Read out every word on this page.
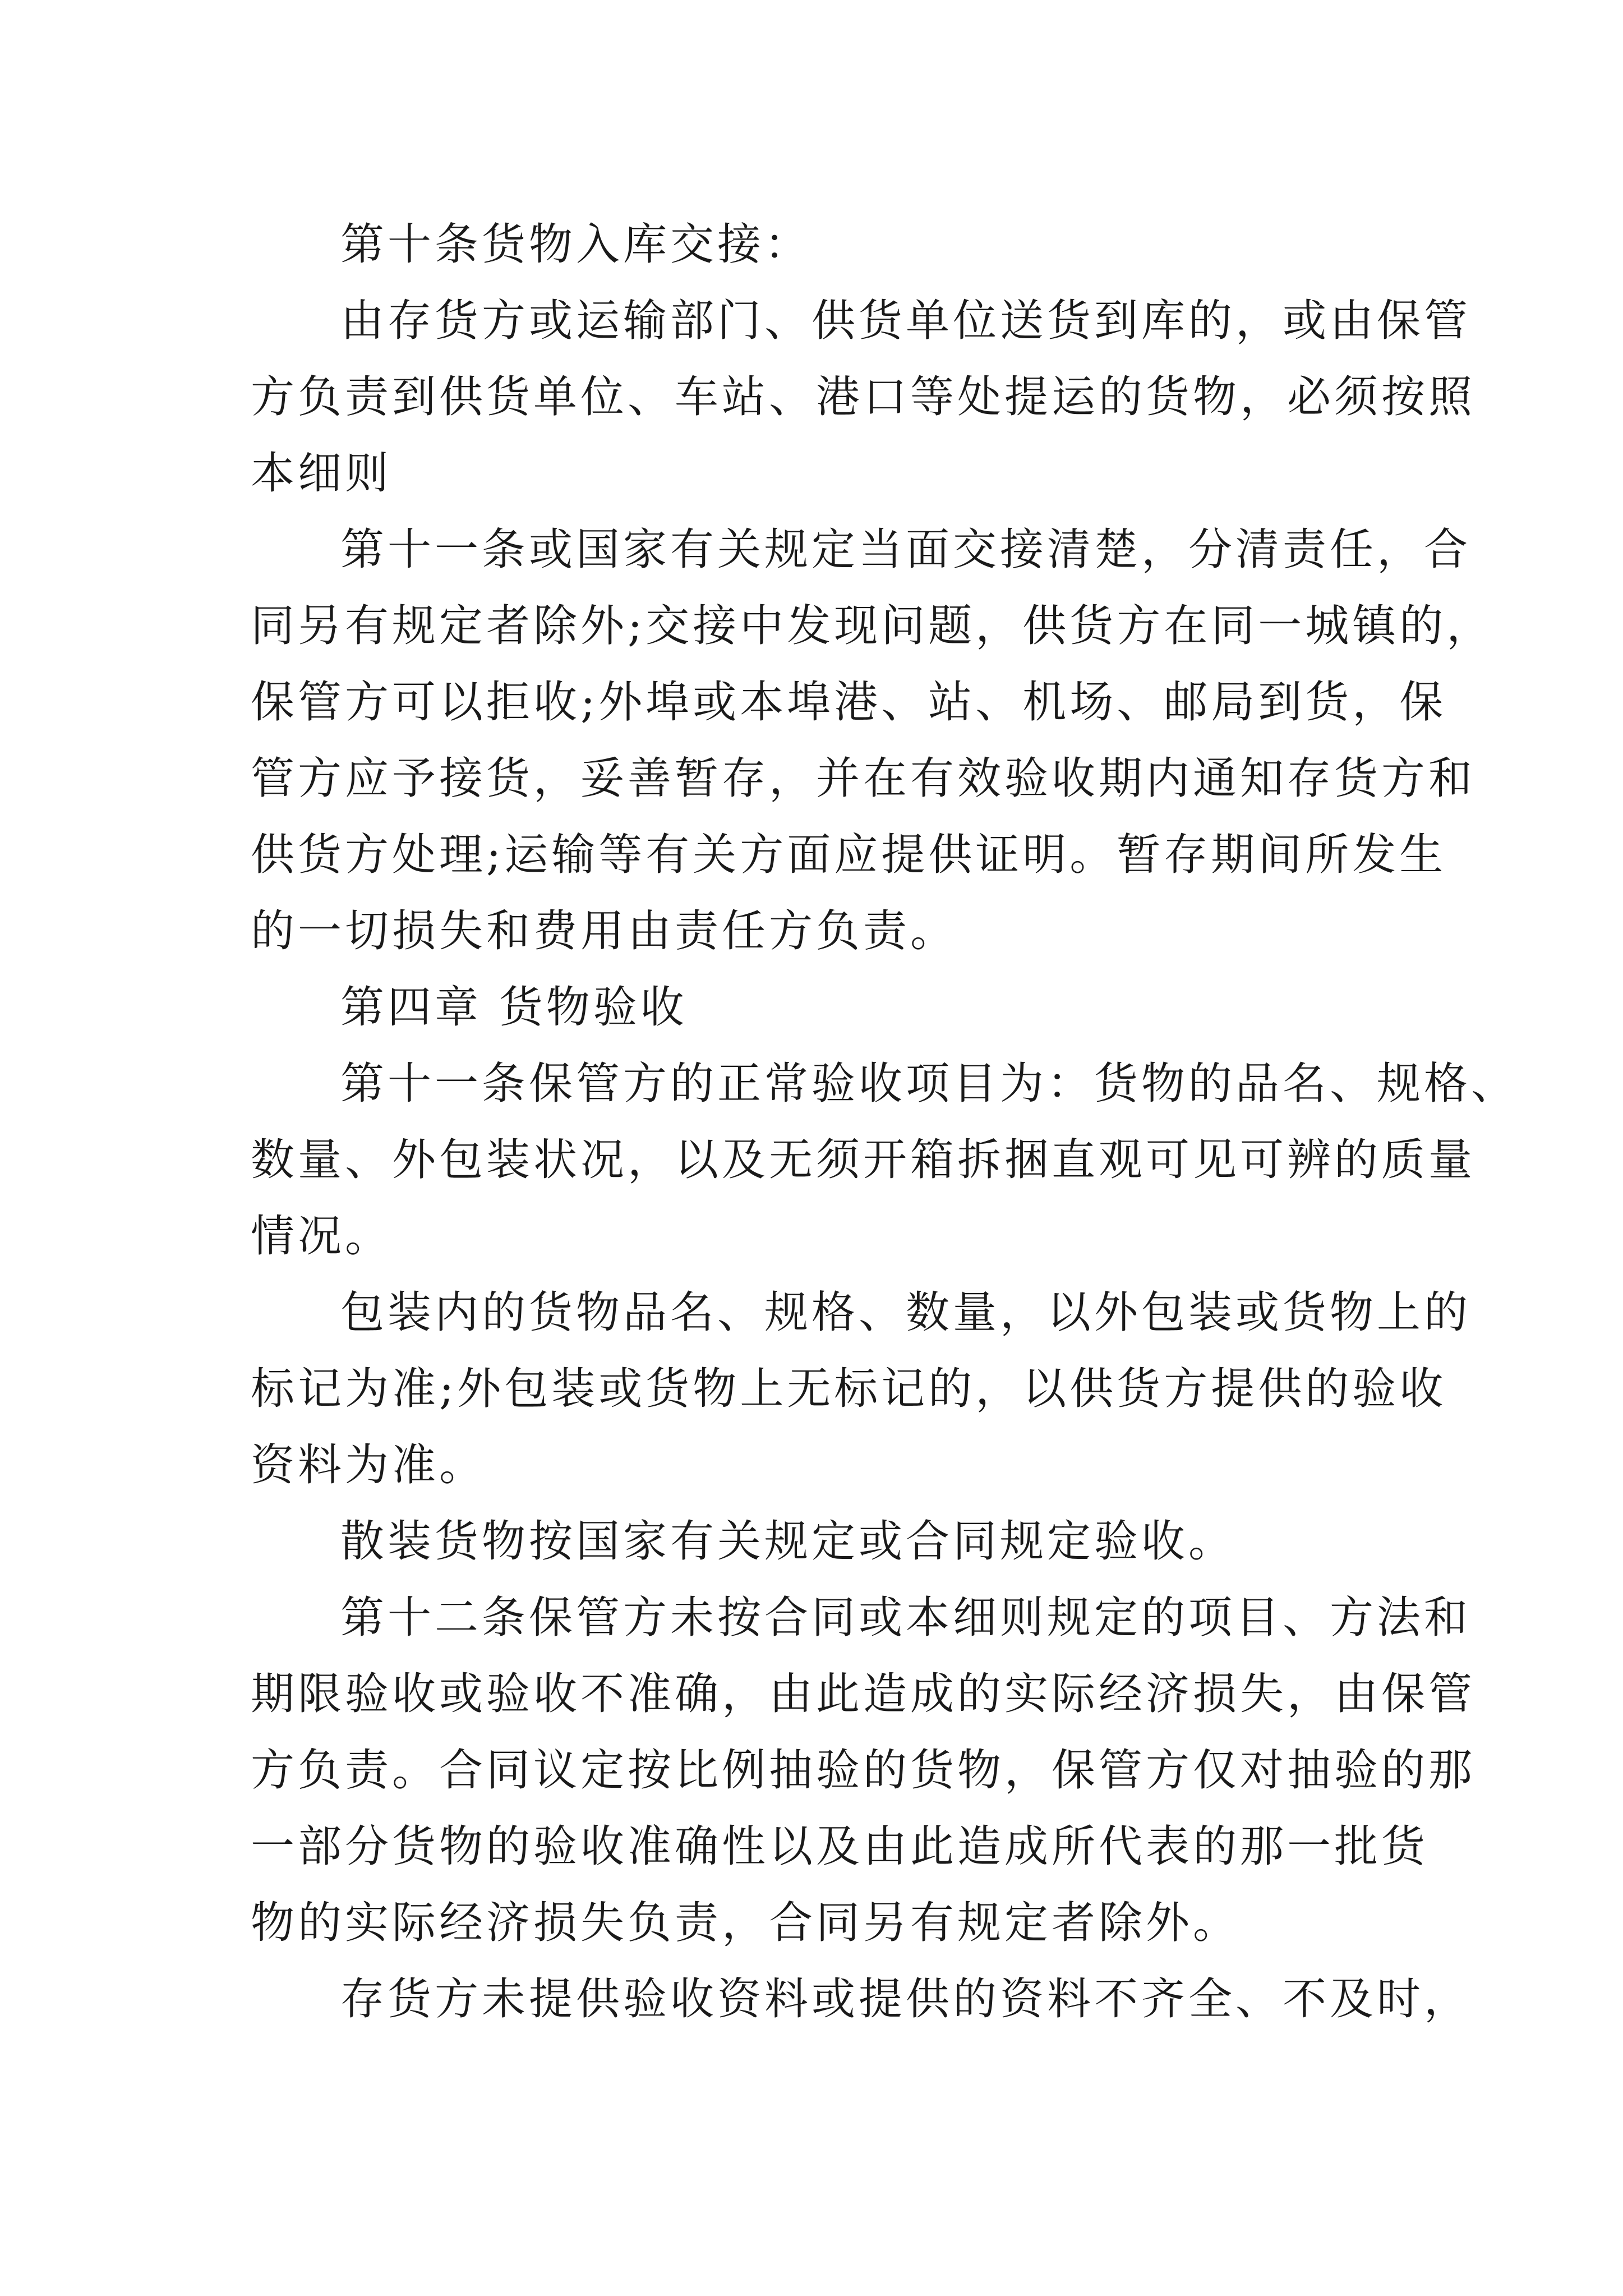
第十条货物入库交接：
由存货方或运输部门、供货单位送货到库的，或由保管
方负责到供货单位、车站、港口等处提运的货物，必须按照
本细则
第十一条或国家有关规定当面交接清楚，分清责任，合
同另有规定者除外;交接中发现问题，供货方在同一城镇的，
保管方可以拒收;外埠或本埠港、站、机场、邮局到货，保
管方应予接货，妥善暂存，并在有效验收期内通知存货方和
供货方处理;运输等有关方面应提供证明。暂存期间所发生
的一切损失和费用由责任方负责。
第四章 货物验收
第十一条保管方的正常验收项目为：货物的品名、规格、
数量、外包装状况，以及无须开箱拆捆直观可见可辨的质量
情况。
包装内的货物品名、规格、数量，以外包装或货物上的
标记为准;外包装或货物上无标记的，以供货方提供的验收
资料为准。
散装货物按国家有关规定或合同规定验收。
第十二条保管方未按合同或本细则规定的项目、方法和
期限验收或验收不准确，由此造成的实际经济损失，由保管
方负责。合同议定按比例抽验的货物，保管方仅对抽验的那
一部分货物的验收准确性以及由此造成所代表的那一批货
物的实际经济损失负责，合同另有规定者除外。
存货方未提供验收资料或提供的资料不齐全、不及时，
